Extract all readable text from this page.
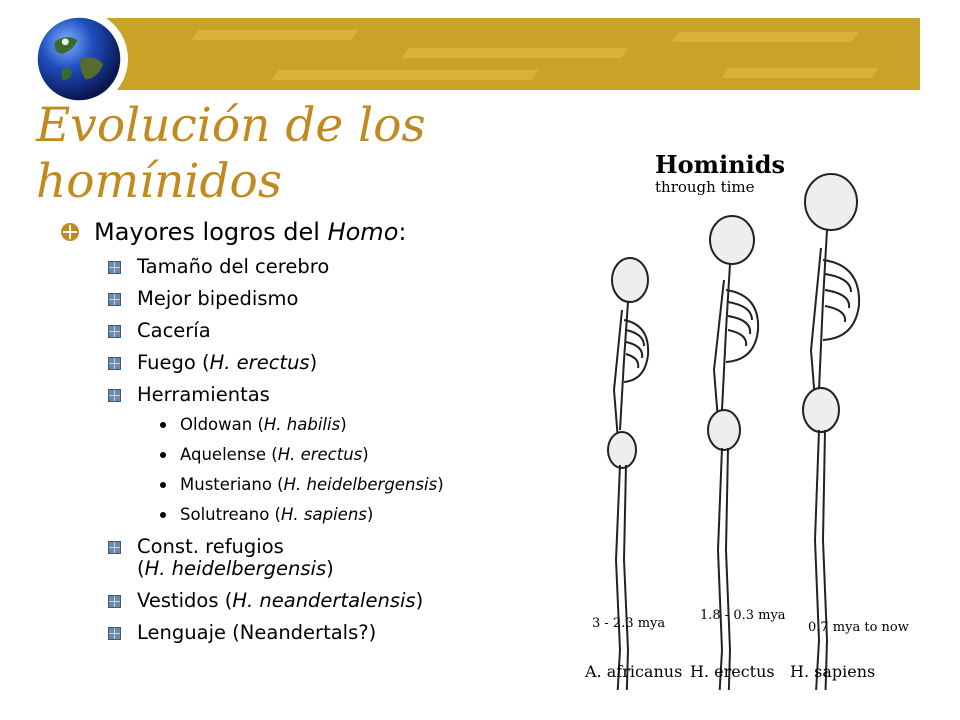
Evolución de los
homínidos
Mayores logros del Homo:
Tamaño del cerebro
Mejor bipedismo
Cacería
Fuego (H. erectus)
Herramientas
Oldowan (H. habilis)
Aquelense (H. erectus)
Musteriano (H. heidelbergensis)
Solutreano (H. sapiens)
Const. refugios
(H. heidelbergensis)
Vestidos (H. neandertalensis)
Lenguaje (Neandertals?)
Hominids
through time
3 - 2.3 mya
1.8 - 0.3 mya
0.7 mya to now
A. africanus H. erectus H. sapiens
